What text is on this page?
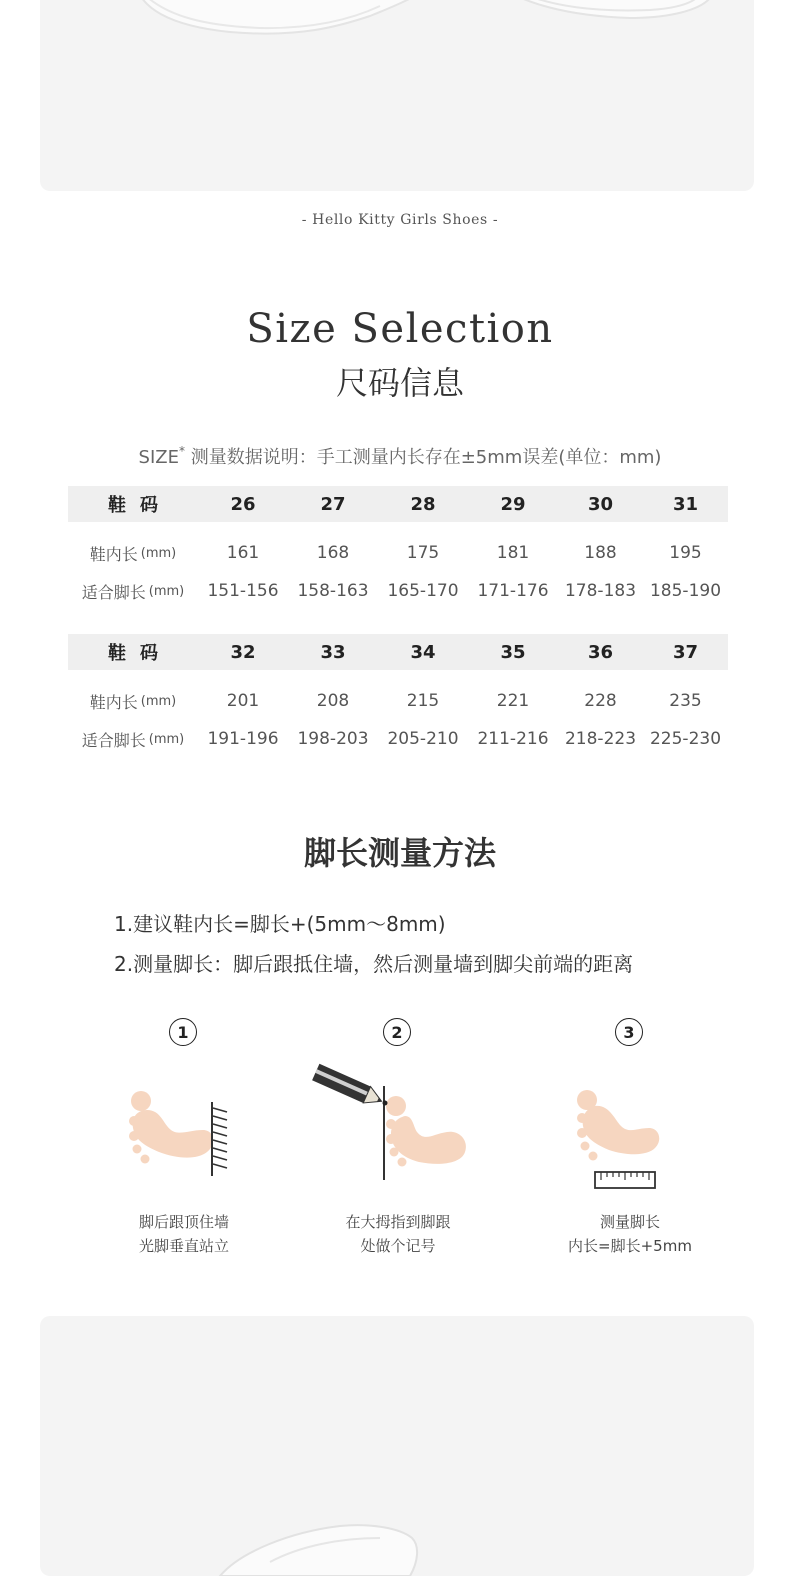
- Hello Kitty Girls Shoes -
Size Selection
尺码信息
SIZE* 测量数据说明：手工测量内长存在±5mm误差(单位：mm)
鞋码	26	27	28	29	30	31
鞋内长 (mm)	161	168	175	181	188	195
适合脚长 (mm)	151-156	158-163	165-170	171-176 178-183 185-190
鞋码	32	33	34	35	36	37
鞋内长 (mm)	201	208	215	221	228	235
适合脚长 (mm)	191-196	198-203	205-210	211-216 218-223 225-230
脚长测量方法
1.建议鞋内长=脚长+(5mm～8mm)
2.测量脚长：脚后跟抵住墙，然后测量墙到脚尖前端的距离
1
脚后跟顶住墙
光脚垂直站立
2
在大拇指到脚跟
处做个记号
3
测量脚长
内长=脚长+5mm
